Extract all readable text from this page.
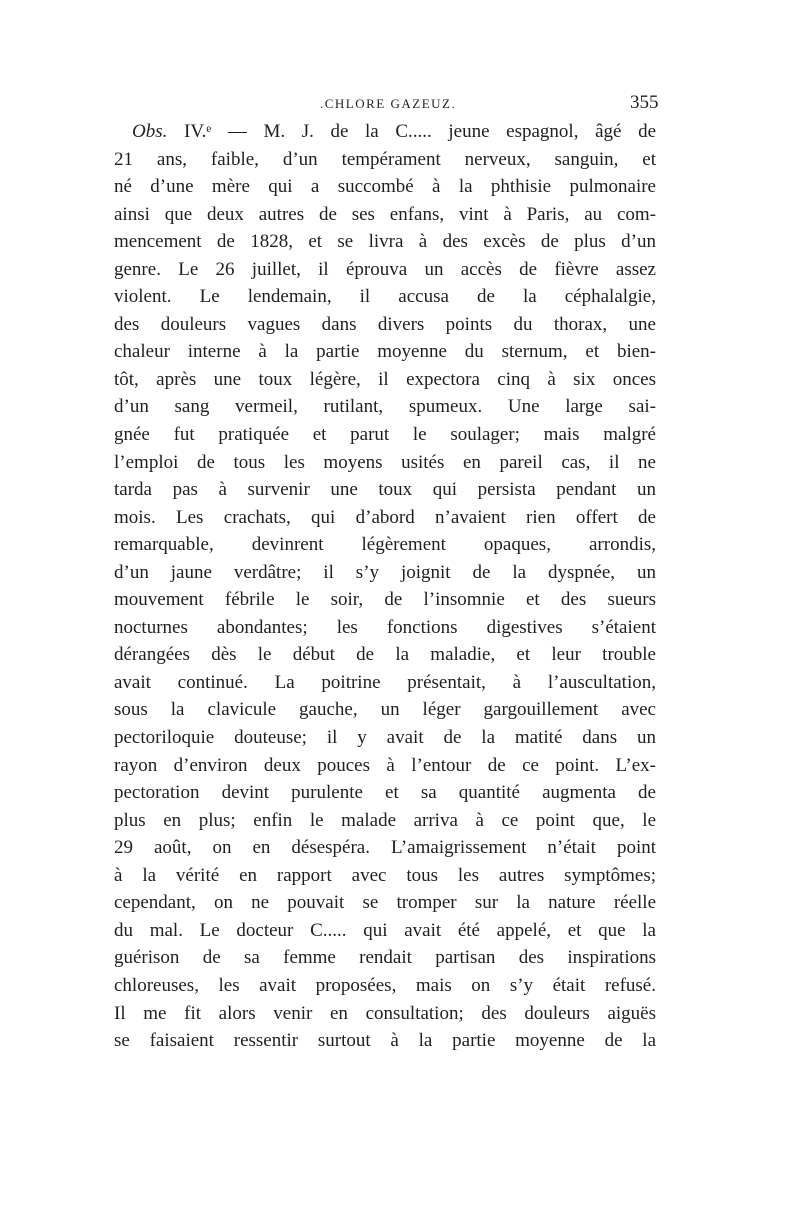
.CHLORE GAZEUZ.	355
Obs. IV.ᵉ — M. J. de la C..... jeune espagnol, âgé de
21 ans, faible, d’un tempérament nerveux, sanguin, et
né d’une mère qui a succombé à la phthisie pulmonaire
ainsi que deux autres de ses enfans, vint à Paris, au com-
mencement de 1828, et se livra à des excès de plus d’un
genre. Le 26 juillet, il éprouva un accès de fièvre assez
violent. Le lendemain, il accusa de la céphalalgie,
des douleurs vagues dans divers points du thorax, une
chaleur interne à la partie moyenne du sternum, et bien-
tôt, après une toux légère, il expectora cinq à six onces
d’un sang vermeil, rutilant, spumeux. Une large sai-
gnée fut pratiquée et parut le soulager; mais malgré
l’emploi de tous les moyens usités en pareil cas, il ne
tarda pas à survenir une toux qui persista pendant un
mois. Les crachats, qui d’abord n’avaient rien offert de
remarquable, devinrent légèrement opaques, arrondis,
d’un jaune verdâtre; il s’y joignit de la dyspnée, un
mouvement fébrile le soir, de l’insomnie et des sueurs
nocturnes abondantes; les fonctions digestives s’étaient
dérangées dès le début de la maladie, et leur trouble
avait continué. La poitrine présentait, à l’auscultation,
sous la clavicule gauche, un léger gargouillement avec
pectoriloquie douteuse; il y avait de la matité dans un
rayon d’environ deux pouces à l’entour de ce point. L’ex-
pectoration devint purulente et sa quantité augmenta de
plus en plus; enfin le malade arriva à ce point que, le
29 août, on en désespéra. L’amaigrissement n’était point
à la vérité en rapport avec tous les autres symptômes;
cependant, on ne pouvait se tromper sur la nature réelle
du mal. Le docteur C..... qui avait été appelé, et que la
guérison de sa femme rendait partisan des inspirations
chloreuses, les avait proposées, mais on s’y était refusé.
Il me fit alors venir en consultation; des douleurs aiguës
se faisaient ressentir surtout à la partie moyenne de la
